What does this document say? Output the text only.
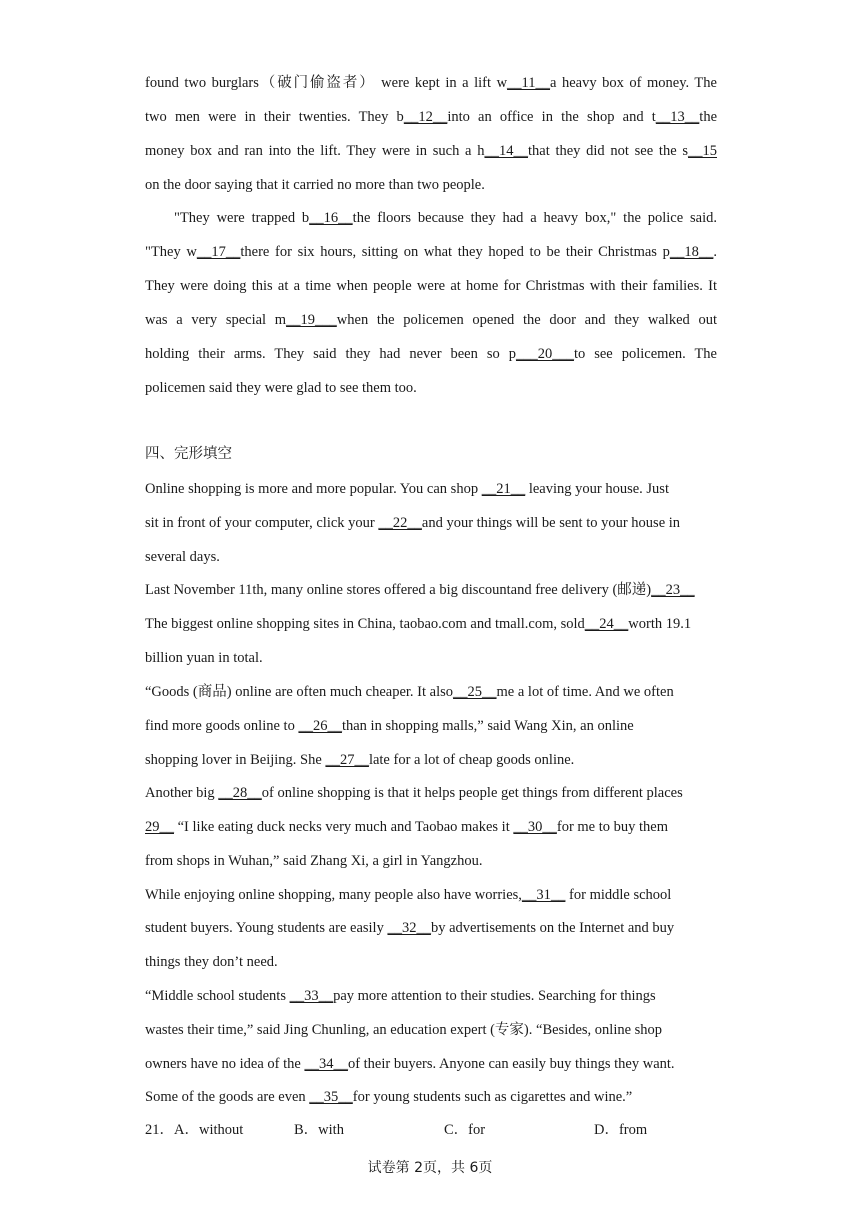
found two burglars（破门偷盗者） were kept in a lift w__11__a heavy box of money. The
two men were in their twenties. They b__12__into an office in the shop and t__13__the
money box and ran into the lift. They were in such a h__14__that they did not see the s__15
on the door saying that it carried no more than two people.
"They were trapped b__16__the floors because they had a heavy box," the police said.
"They w__17__there for six hours, sitting on what they hoped to be their Christmas p__18__.
They were doing this at a time when people were at home for Christmas with their families. It
was a very special m__19___when the policemen opened the door and they walked out
holding their arms. They said they had never been so p___20___to see policemen. The
policemen said they were glad to see them too.
四、完形填空
Online shopping is more and more popular. You can shop __21__ leaving your house. Just
sit in front of your computer, click your __22__and your things will be sent to your house in
several days.
Last November 11th, many online stores offered a big discountand free delivery (邮递)__23__
The biggest online shopping sites in China, taobao.com and tmall.com, sold__24__worth 19.1
billion yuan in total.
“Goods (商品) online are often much cheaper. It also__25__me a lot of time. And we often
find more goods online to __26__than in shopping malls,” said Wang Xin, an online
shopping lover in Beijing. She __27__late for a lot of cheap goods online.
Another big __28__of online shopping is that it helps people get things from different places
29__ “I like eating duck necks very much and Taobao makes it __30__for me to buy them
from shops in Wuhan,” said Zhang Xi, a girl in Yangzhou.
While enjoying online shopping, many people also have worries,__31__ for middle school
student buyers. Young students are easily __32__by advertisements on the Internet and buy
things they don’t need.
“Middle school students __33__pay more attention to their studies. Searching for things
wastes their time,” said Jing Chunling, an education expert (专家). “Besides, online shop
owners have no idea of the __34__of their buyers. Anyone can easily buy things they want.
Some of the goods are even __35__for young students such as cigarettes and wine.”
21． A．without	B．with	C．for	D．from
试卷第 2页，共 6页
